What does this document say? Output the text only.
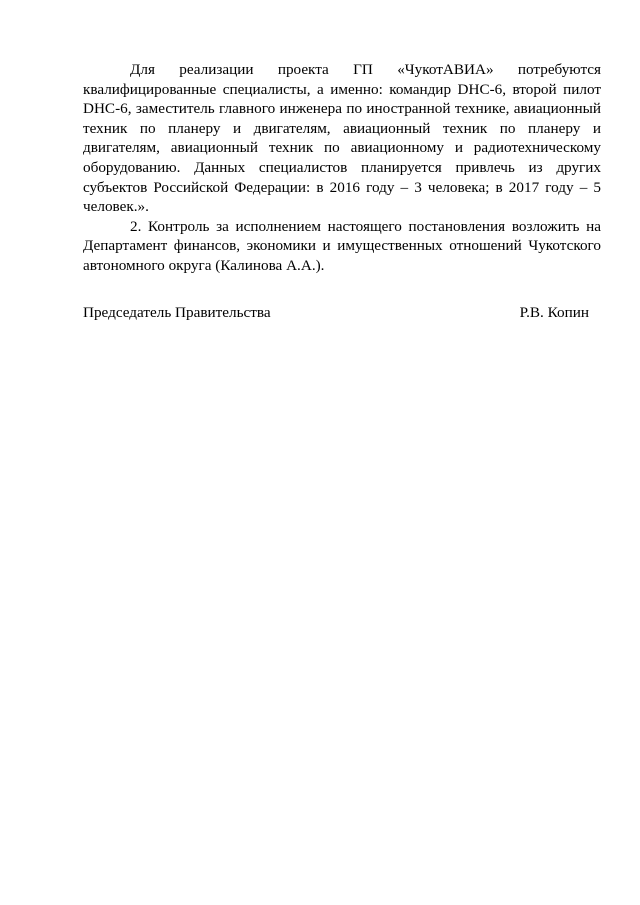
Для реализации проекта ГП «ЧукотАВИА» потребуются квалифицированные специалисты, а именно: командир DHC-6, второй пилот DHC-6, заместитель главного инженера по иностранной технике, авиационный техник по планеру и двигателям, авиационный техник по планеру и двигателям, авиационный техник по авиационному и радиотехническому оборудованию. Данных специалистов планируется привлечь из других субъектов Российской Федерации: в 2016 году – 3 человека; в 2017 году – 5 человек.».

2. Контроль за исполнением настоящего постановления возложить на Департамент финансов, экономики и имущественных отношений Чукотского автономного округа (Калинова А.А.).

Председатель Правительства	Р.В. Копин
